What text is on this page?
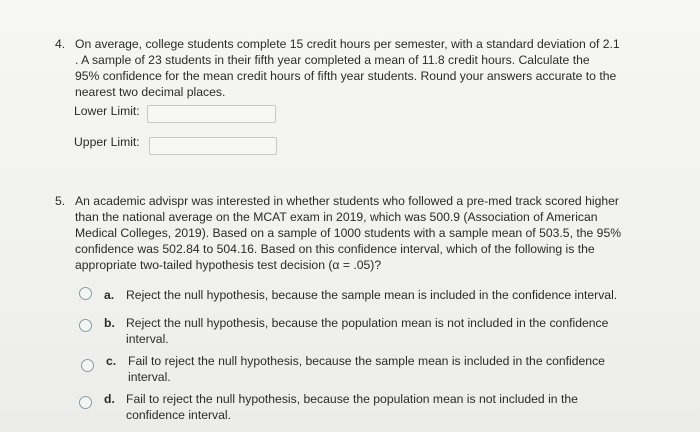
4. On average, college students complete 15 credit hours per semester, with a standard deviation of 2.1

. A sample of 23 students in their fifth year completed a mean of 11.8 credit hours. Calculate the

95% confidence for the mean credit hours of fifth year students. Round your answers accurate to the

nearest two decimal places.

Lower Limit:
Upper Limit:
5. An academic advispr was interested in whether students who followed a pre-med track scored higher

than the national average on the MCAT exam in 2019, which was 500.9 (Association of American

Medical Colleges, 2019). Based on a sample of 1000 students with a sample mean of 503.5, the 95%

confidence was 502.84 to 504.16. Based on this confidence interval, which of the following is the

appropriate two-tailed hypothesis test decision (α = .05)?

a. Reject the null hypothesis, because the sample mean is included in the confidence interval.
b. Reject the null hypothesis, because the population mean is not included in the confidence
interval.
c. Fail to reject the null hypothesis, because the sample mean is included in the confidence
interval.
d. Fail to reject the null hypothesis, because the population mean is not included in the
confidence interval.
